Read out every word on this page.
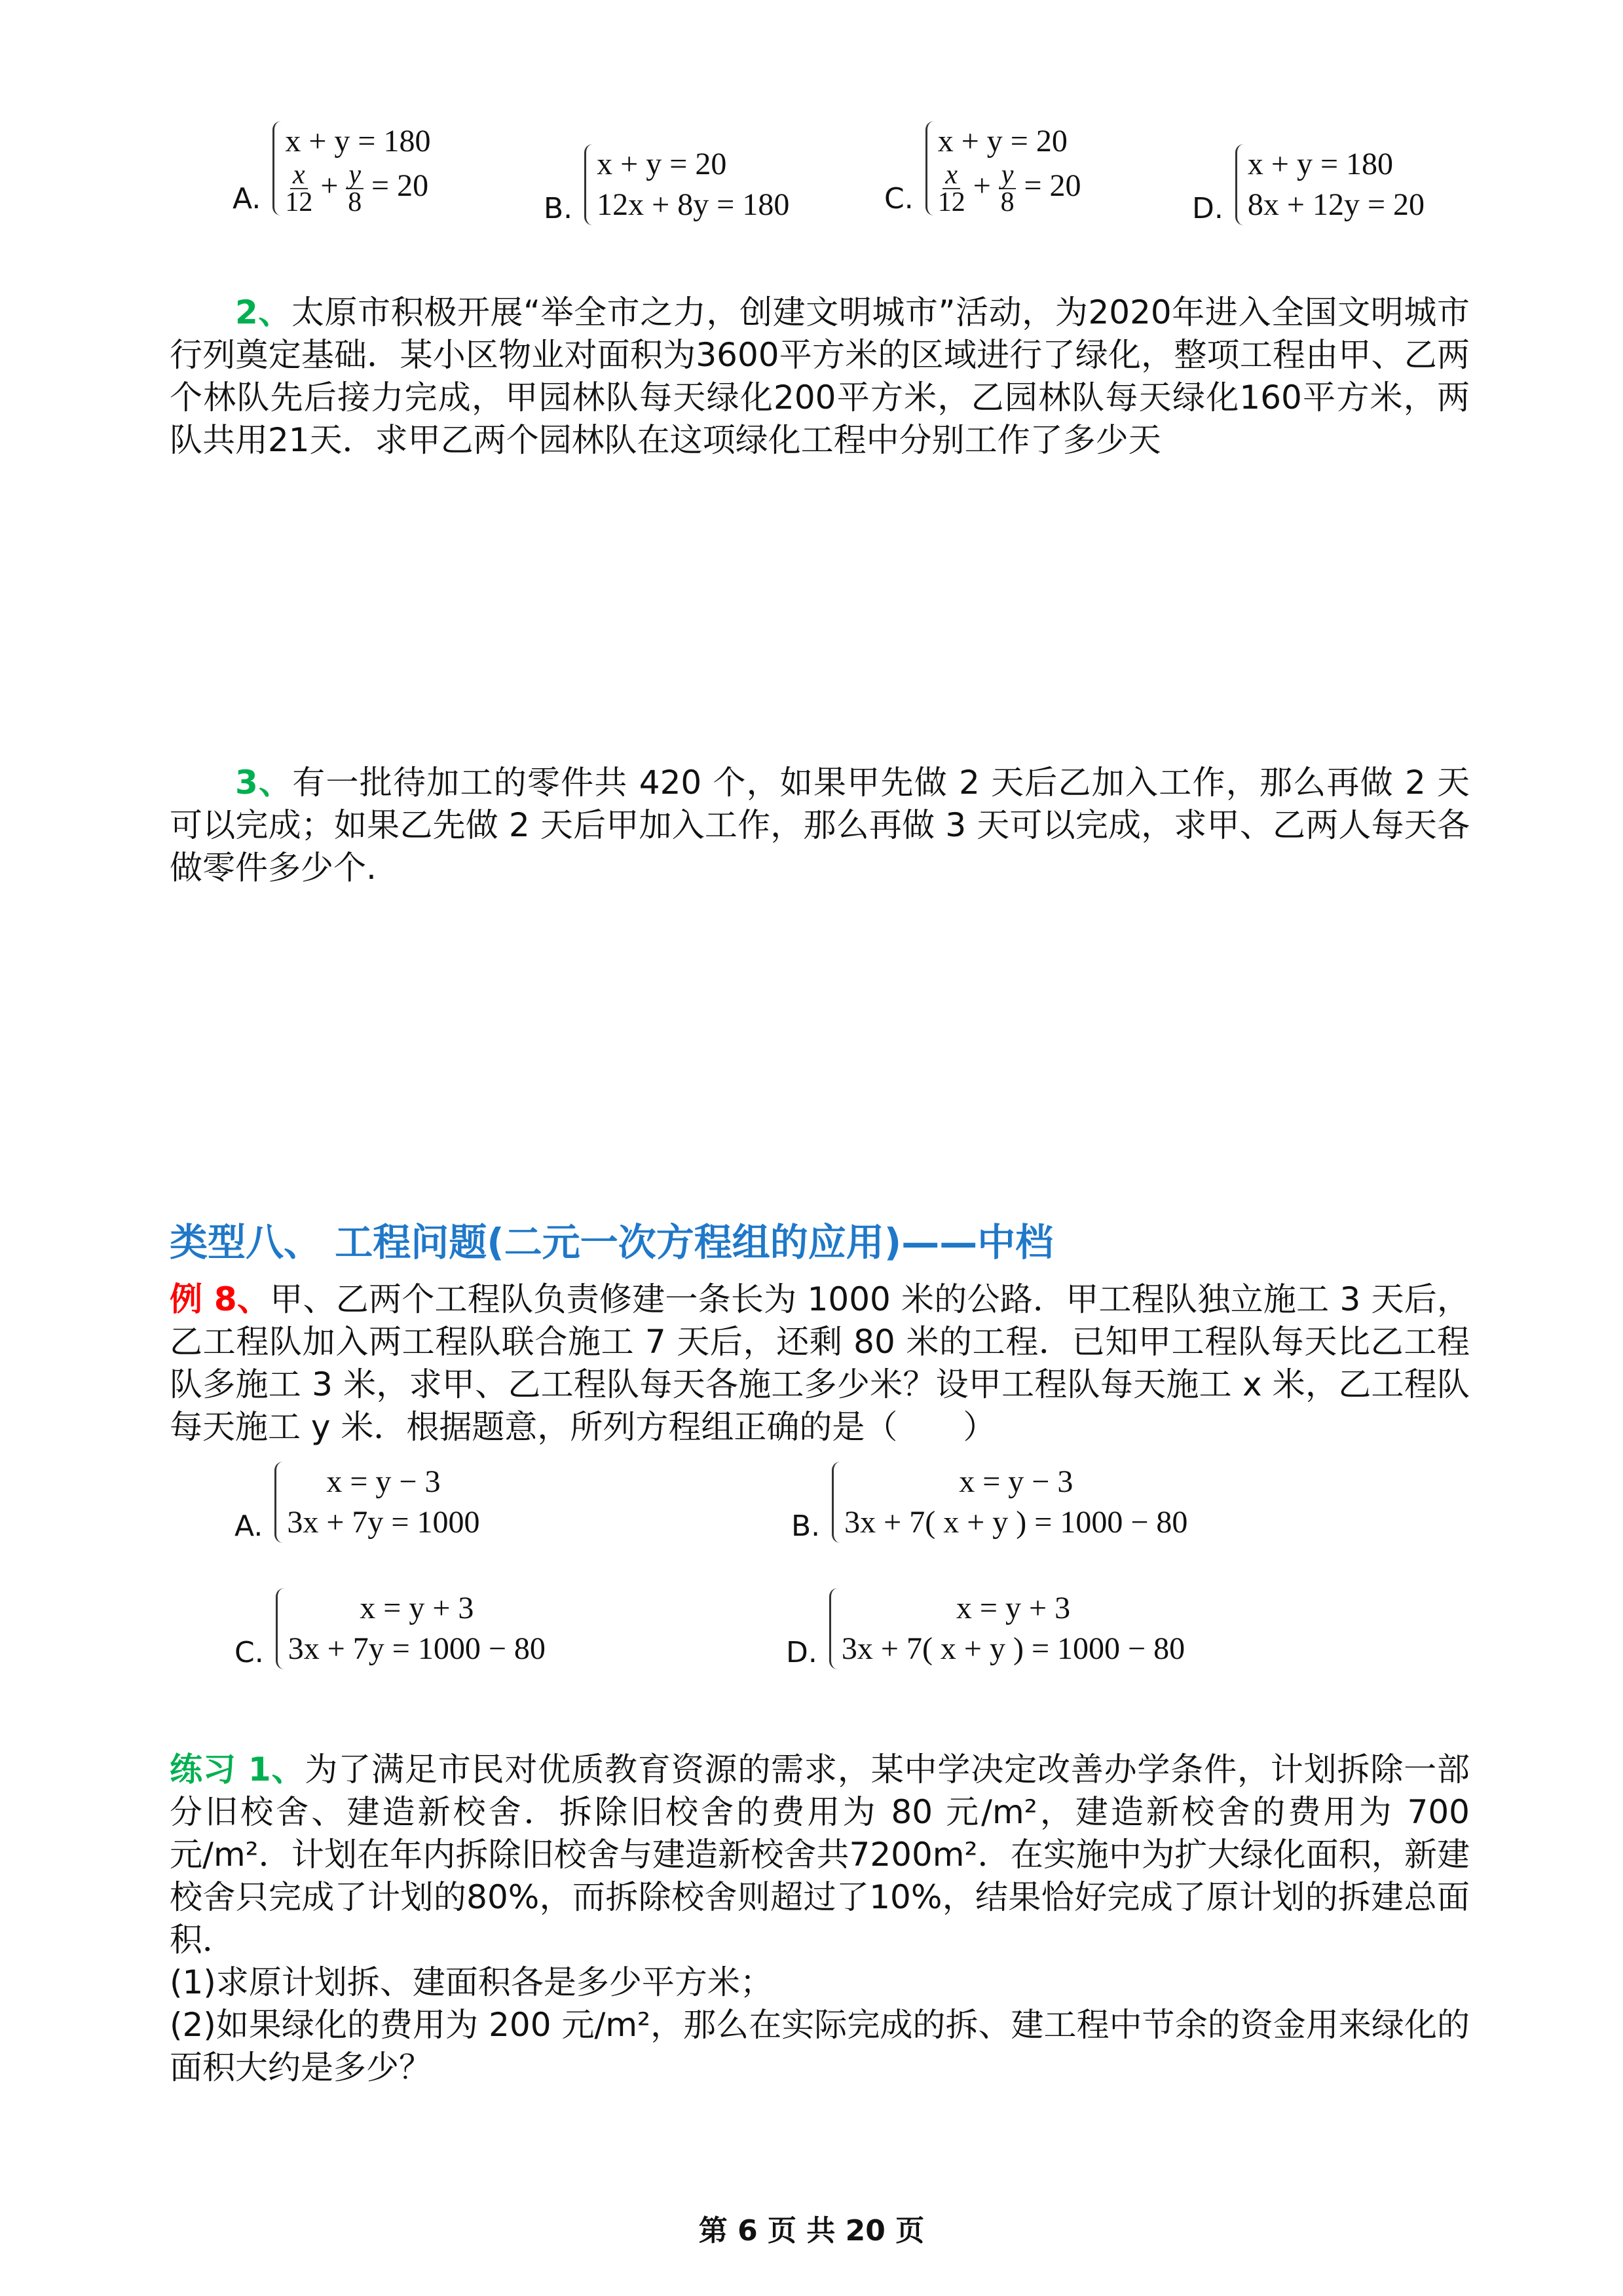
A.
x + y = 180
$\frac{x}{12} + \frac{y}{8} = 20$
B.
x + y = 20
12x + 8y = 180	C.
x + y = 20
$\frac{x}{12} + \frac{y}{8} = 20$
D.
x + y = 180
8x + 12y = 20

2、太原市积极开展“举全市之力，创建文明城市”活动，为2020年进入全国文明城市行列奠定基础．某小区物业对面积为3600平方米的区域进行了绿化，整项工程由甲、乙两个林队先后接力完成，甲园林队每天绿化200平方米，乙园林队每天绿化160平方米，两队共用21天．求甲乙两个园林队在这项绿化工程中分别工作了多少天

3、有一批待加工的零件共 420 个，如果甲先做 2 天后乙加入工作，那么再做 2 天可以完成；如果乙先做 2 天后甲加入工作，那么再做 3 天可以完成，求甲、乙两人每天各做零件多少个.

类型八、 工程问题(二元一次方程组的应用)——中档

例 8、甲、乙两个工程队负责修建一条长为 1000 米的公路．甲工程队独立施工 3 天后，乙工程队加入两工程队联合施工 7 天后，还剩 80 米的工程．已知甲工程队每天比乙工程队多施工 3 米，求甲、乙工程队每天各施工多少米？设甲工程队每天施工 x 米，乙工程队每天施工 y 米．根据题意，所列方程组正确的是（　　）

A.
x = y − 3
3x + 7y = 1000	B.
x = y − 3
3x + 7( x + y ) = 1000 − 80
C.
x = y + 3
3x + 7y = 1000 − 80	D.
x = y + 3
3x + 7( x + y ) = 1000 − 80

练习 1、为了满足市民对优质教育资源的需求，某中学决定改善办学条件，计划拆除一部分旧校舍、建造新校舍．拆除旧校舍的费用为 80 元/m²，建造新校舍的费用为 700 元/m²．计划在年内拆除旧校舍与建造新校舍共7200m²．在实施中为扩大绿化面积，新建校舍只完成了计划的80%，而拆除校舍则超过了10%，结果恰好完成了原计划的拆建总面积．

(1)求原计划拆、建面积各是多少平方米；

(2)如果绿化的费用为 200 元/m²，那么在实际完成的拆、建工程中节余的资金用来绿化的面积大约是多少？

第 6 页 共 20 页
